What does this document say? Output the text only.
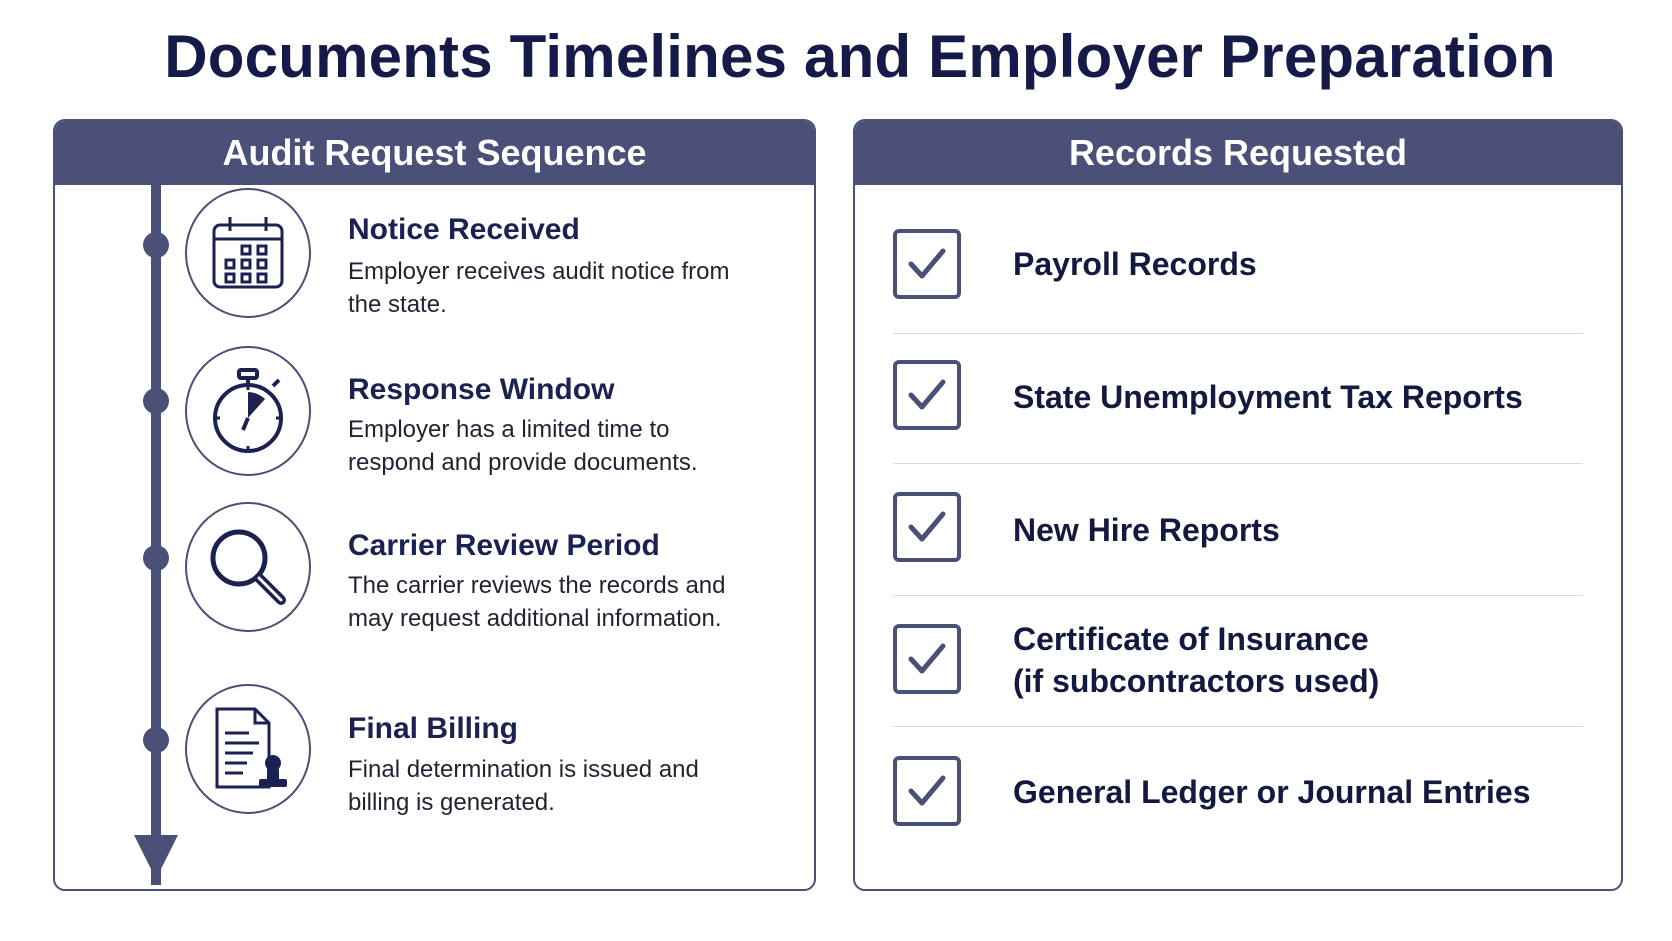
Documents Timelines and Employer Preparation
Audit Request Sequence
Notice Received
Employer receives audit notice from the state.
Response Window
Employer has a limited time to respond and provide documents.
Carrier Review Period
The carrier reviews the records and may request additional information.
Final Billing
Final determination is issued and billing is generated.
Records Requested
Payroll Records
State Unemployment Tax Reports
New Hire Reports
Certificate of Insurance
(if subcontractors used)
General Ledger or Journal Entries
